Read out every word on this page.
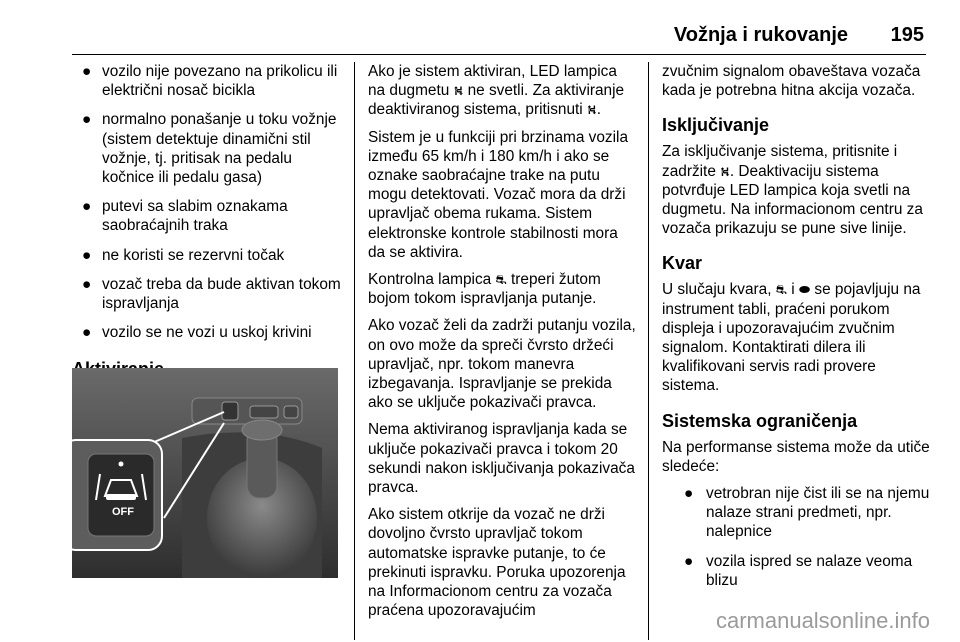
Vožnja i rukovanje 195
● vozilo nije povezano na prikolicu ili električni nosač bicikla
● normalno ponašanje u toku vožnje (sistem detektuje dinamični stil vožnje, tj. pritisak na pedalu kočnice ili pedalu gasa)
● putevi sa slabim oznakama saobraćajnih traka
● ne koristi se rezervni točak
● vozač treba da bude aktivan tokom ispravljanja
● vozilo se ne vozi u uskoj krivini
OFF

Ako je sistem aktiviran, LED lampica na dugmetu ⛕ ne svetli. Za aktiviranje deaktiviranog sistema, pritisnuti ⛕.

Sistem je u funkciji pri brzinama vozila između 65 km/h i 180 km/h i ako se oznake saobraćajne trake na putu mogu detektovati. Vozač mora da drži upravljač obema rukama. Sistem elektronske kontrole stabilnosti mora da se aktivira.

Kontrolna lampica ⛐ treperi žutom bojom tokom ispravljanja putanje.

Ako vozač želi da zadrži putanju vozila, on ovo može da spreči čvrsto držeći upravljač, npr. tokom manevra izbegavanja. Ispravljanje se prekida ako se uključe pokazivači pravca.

Nema aktiviranog ispravljanja kada se uključe pokazivači pravca i tokom 20 sekundi nakon isključivanja pokazivača pravca.

Ako sistem otkrije da vozač ne drži dovoljno čvrsto upravljač tokom automatske ispravke putanje, to će prekinuti ispravku. Poruka upozorenja na Informacionom centru za vozača praćena upozoravajućim

zvučnim signalom obaveštava vozača kada je potrebna hitna akcija vozača.

Isključivanje

Za isključivanje sistema, pritisnite i zadržite ⛕. Deaktivaciju sistema potvrđuje LED lampica koja svetli na dugmetu. Na informacionom centru za vozača prikazuju se pune sive linije.

Kvar

U slučaju kvara, ⛐ i ⬬ se pojavljuju na instrument tabli, praćeni porukom displeja i upozoravajućim zvučnim signalom. Kontaktirati dilera ili kvalifikovani servis radi provere sistema.

Sistemska ograničenja

Na performanse sistema može da utiče sledeće:

● vetrobran nije čist ili se na njemu nalaze strani predmeti, npr. nalepnice
● vozila ispred se nalaze veoma blizu
carmanualsonline.info
